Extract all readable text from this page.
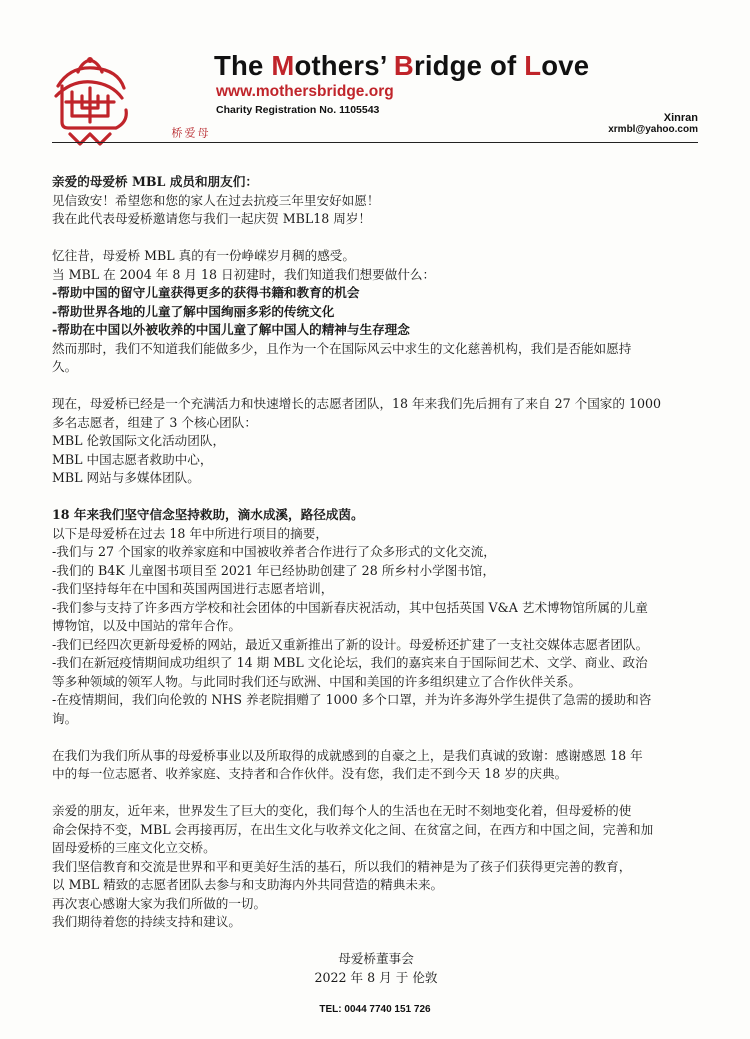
母爱桥
The Mothers’ Bridge of Love
www.mothersbridge.org
Charity Registration No. 1105543
Xinran
xrmbl@yahoo.com
亲爱的母爱桥 MBL 成员和朋友们：
见信致安！希望您和您的家人在过去抗疫三年里安好如愿！
我在此代表母爱桥邀请您与我们一起庆贺 MBL18 周岁！
忆往昔，母爱桥 MBL 真的有一份峥嵘岁月稠的感受。
当 MBL 在 2004 年 8 月 18 日初建时，我们知道我们想要做什么：
-帮助中国的留守儿童获得更多的获得书籍和教育的机会
-帮助世界各地的儿童了解中国绚丽多彩的传统文化
-帮助在中国以外被收养的中国儿童了解中国人的精神与生存理念
然而那时，我们不知道我们能做多少，且作为一个在国际风云中求生的文化慈善机构，我们是否能如愿持
久。
现在，母爱桥已经是一个充满活力和快速增长的志愿者团队，18 年来我们先后拥有了来自 27 个国家的 1000
多名志愿者，组建了 3 个核心团队：
MBL 伦敦国际文化活动团队，
MBL 中国志愿者救助中心，
MBL 网站与多媒体团队。
18 年来我们坚守信念坚持救助，滴水成溪，路径成茵。
以下是母爱桥在过去 18 年中所进行项目的摘要，
-我们与 27 个国家的收养家庭和中国被收养者合作进行了众多形式的文化交流，
-我们的 B4K 儿童图书项目至 2021 年已经协助创建了 28 所乡村小学图书馆，
-我们坚持每年在中国和英国两国进行志愿者培训，
-我们参与支持了许多西方学校和社会团体的中国新春庆祝活动，其中包括英国 V&A 艺术博物馆所属的儿童
博物馆，以及中国站的常年合作。
-我们已经四次更新母爱桥的网站，最近又重新推出了新的设计。母爱桥还扩建了一支社交媒体志愿者团队。
-我们在新冠疫情期间成功组织了 14 期 MBL 文化论坛，我们的嘉宾来自于国际间艺术、文学、商业、政治
等多种领域的领军人物。与此同时我们还与欧洲、中国和美国的许多组织建立了合作伙伴关系。
-在疫情期间，我们向伦敦的 NHS 养老院捐赠了 1000 多个口罩，并为许多海外学生提供了急需的援助和咨
询。
在我们为我们所从事的母爱桥事业以及所取得的成就感到的自豪之上，是我们真诚的致谢：感谢感恩 18 年
中的每一位志愿者、收养家庭、支持者和合作伙伴。没有您，我们走不到今天 18 岁的庆典。
亲爱的朋友，近年来，世界发生了巨大的变化，我们每个人的生活也在无时不刻地变化着，但母爱桥的使
命会保持不变，MBL 会再接再厉，在出生文化与收养文化之间、在贫富之间，在西方和中国之间，完善和加
固母爱桥的三座文化立交桥。
我们坚信教育和交流是世界和平和更美好生活的基石，所以我们的精神是为了孩子们获得更完善的教育，
以 MBL 精致的志愿者团队去参与和支助海内外共同营造的精典未来。
再次衷心感谢大家为我们所做的一切。
我们期待着您的持续支持和建议。
母爱桥董事会
2022 年 8 月 于 伦敦
TEL: 0044 7740 151 726
